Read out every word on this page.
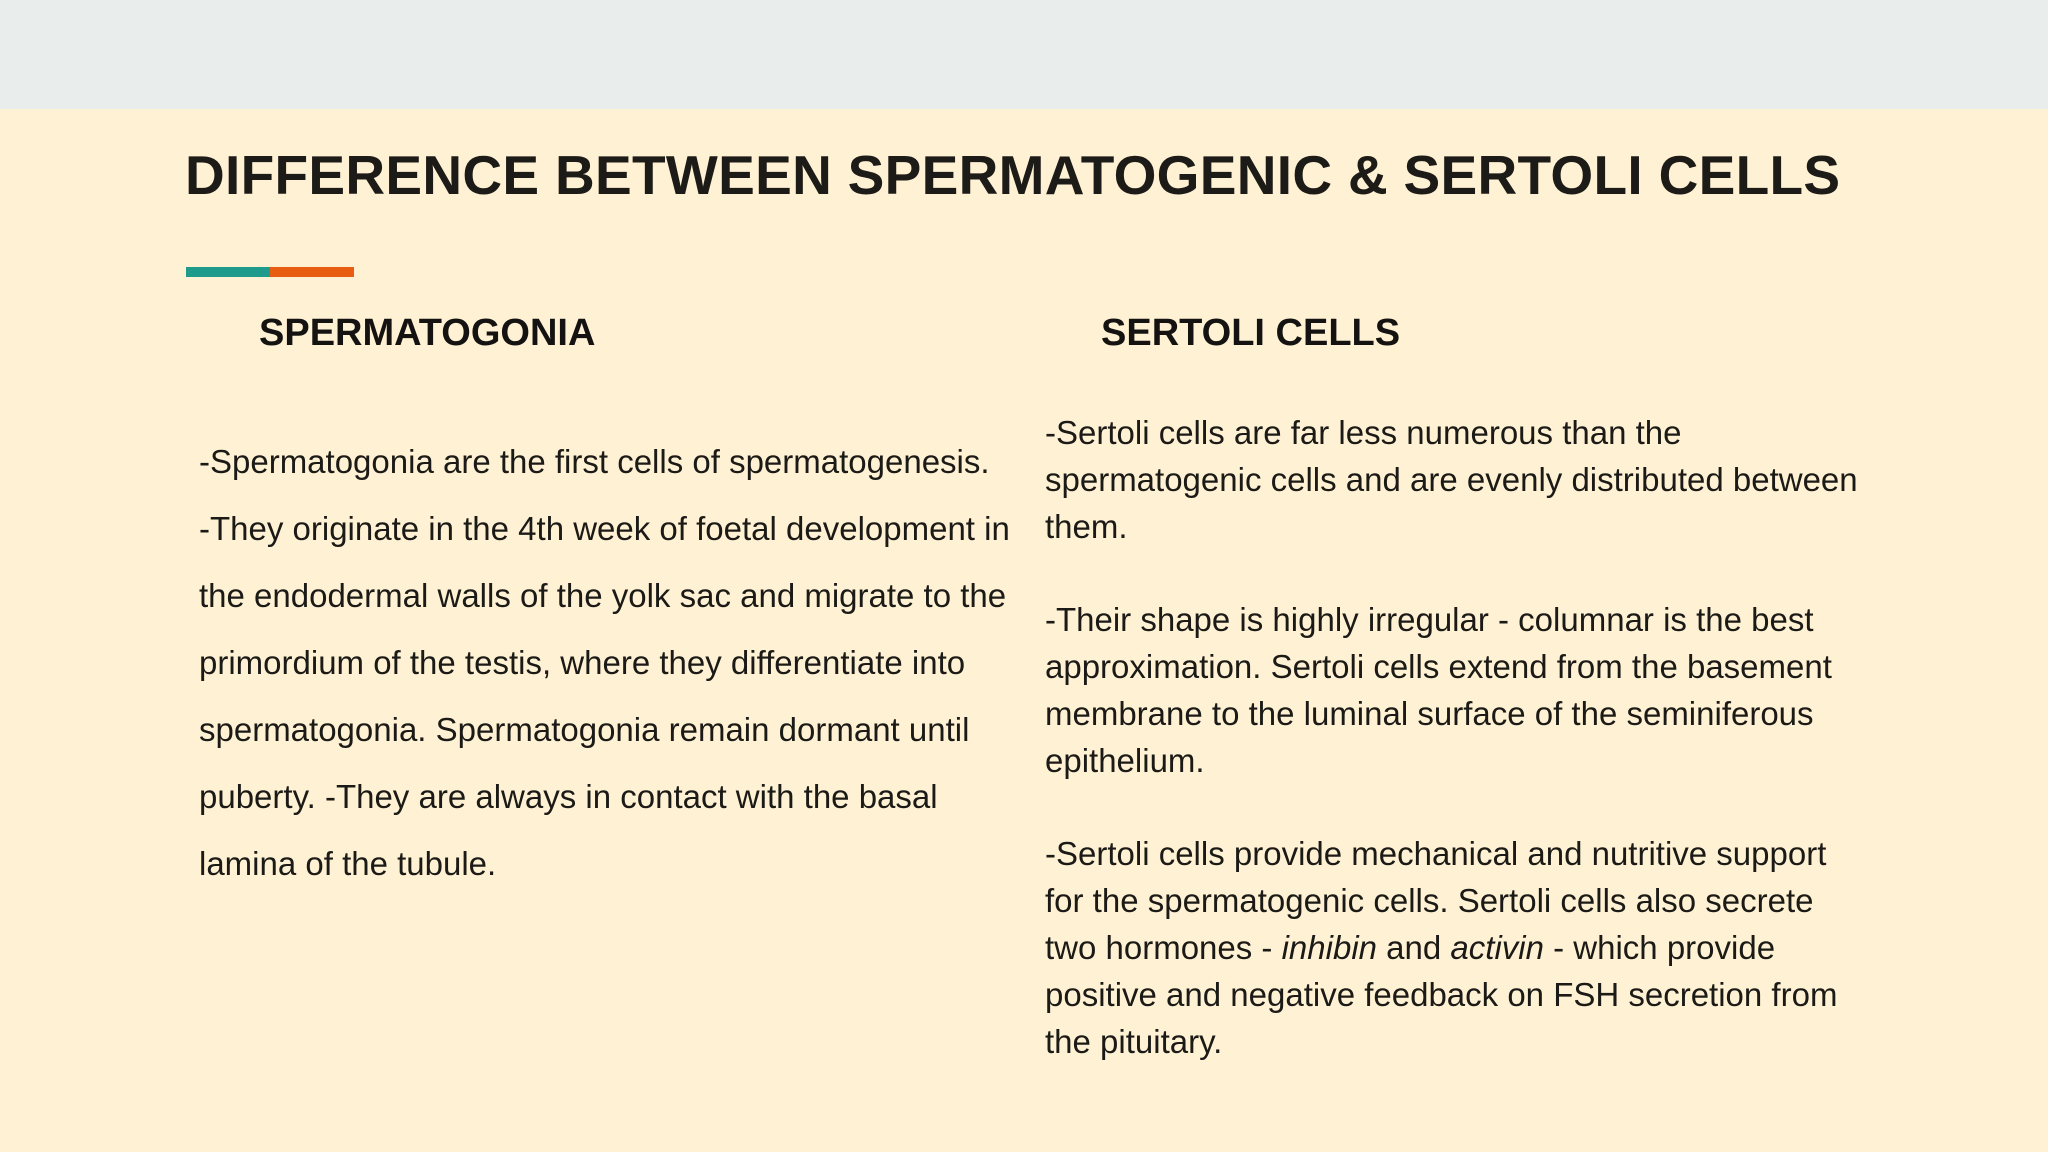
DIFFERENCE BETWEEN SPERMATOGENIC & SERTOLI CELLS
SPERMATOGONIA	SERTOLI CELLS

-Spermatogonia are the first cells of spermatogenesis.

-They originate in the 4th week of foetal development in the endodermal walls of the yolk sac and migrate to the primordium of the testis, where they differentiate into spermatogonia. Spermatogonia remain dormant until puberty. -They are always in contact with the basal lamina of the tubule.

-Sertoli cells are far less numerous than the spermatogenic cells and are evenly distributed between them.

-Their shape is highly irregular - columnar is the best approximation. Sertoli cells extend from the basement membrane to the luminal surface of the seminiferous epithelium.

-Sertoli cells provide mechanical and nutritive support for the spermatogenic cells. Sertoli cells also secrete two hormones - inhibin and activin - which provide positive and negative feedback on FSH secretion from the pituitary.
